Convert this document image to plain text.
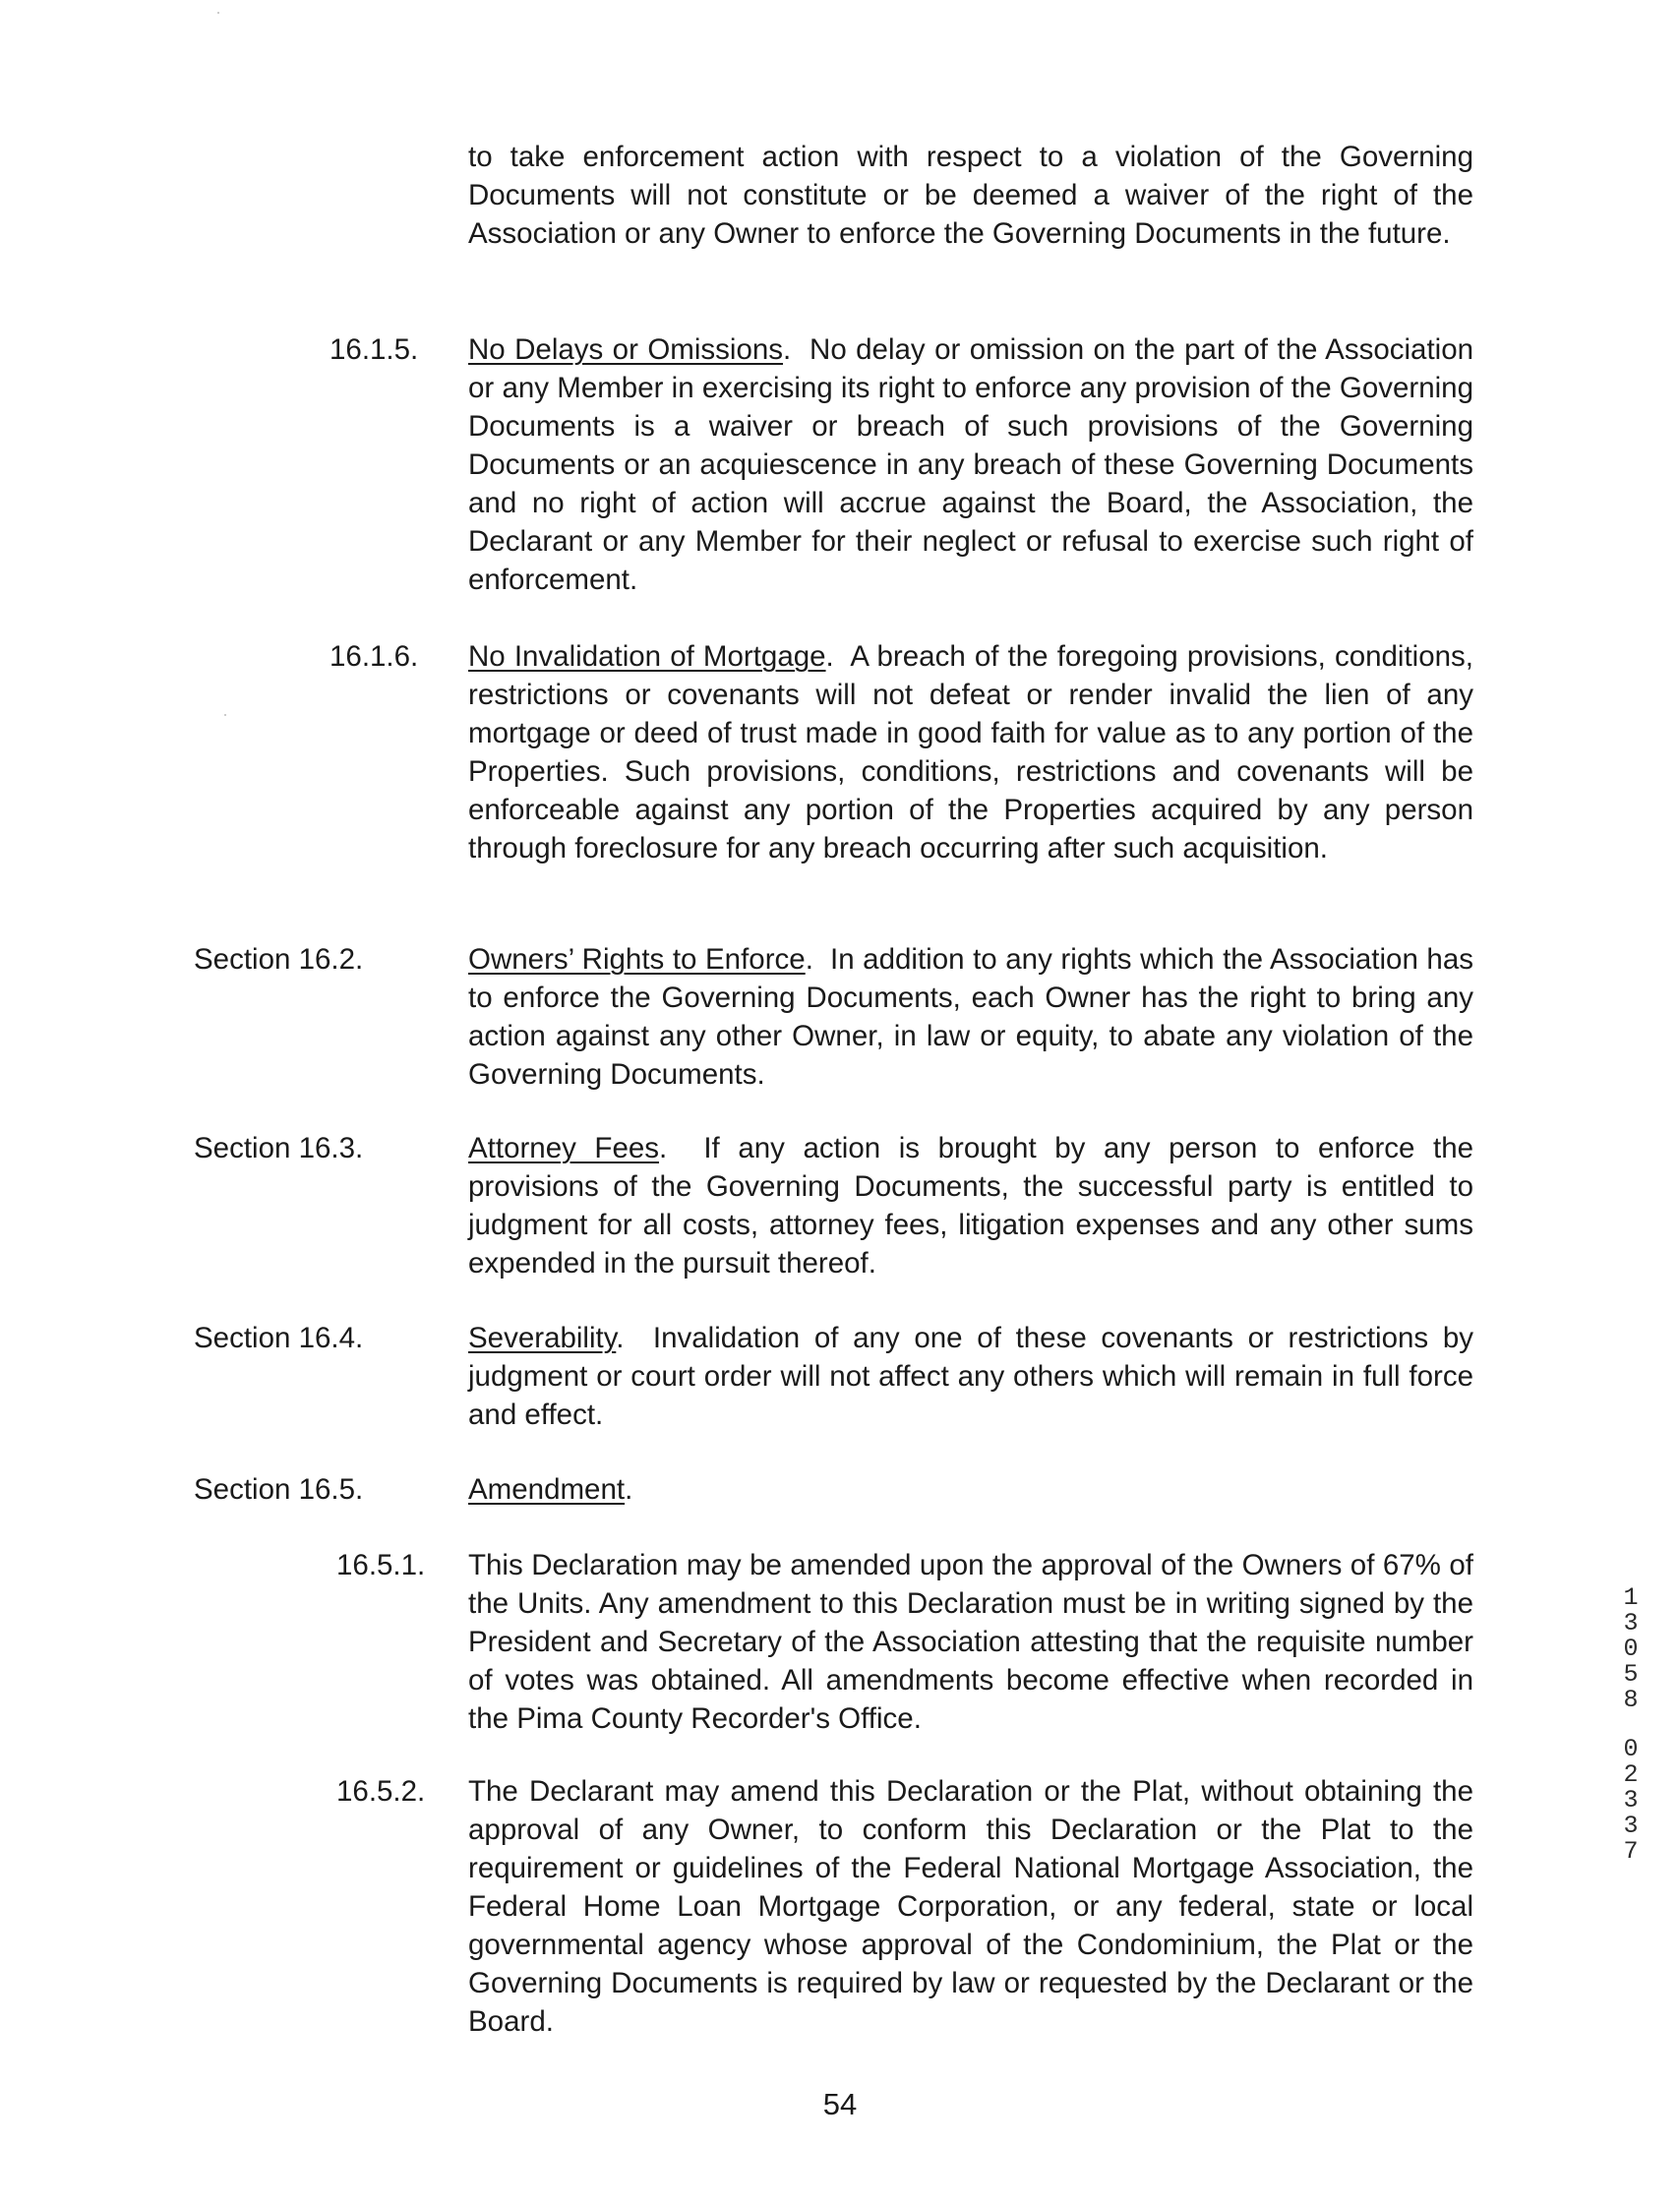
to take enforcement action with respect to a violation of the Governing Documents will not constitute or be deemed a waiver of the right of the Association or any Owner to enforce the Governing Documents in the future.

16.1.5. No Delays or Omissions.  No delay or omission on the part of the Association or any Member in exercising its right to enforce any provision of the Governing Documents is a waiver or breach of such provisions of the Governing Documents or an acquiescence in any breach of these Governing Documents and no right of action will accrue against the Board, the Association, the Declarant or any Member for their neglect or refusal to exercise such right of enforcement.

16.1.6. No Invalidation of Mortgage.  A breach of the foregoing provisions, conditions, restrictions or covenants will not defeat or render invalid the lien of any mortgage or deed of trust made in good faith for value as to any portion of the Properties. Such provisions, conditions, restrictions and covenants will be enforceable against any portion of the Properties acquired by any person through foreclosure for any breach occurring after such acquisition.

Section 16.2.	Owners’ Rights to Enforce.  In addition to any rights which the Association has to enforce the Governing Documents, each Owner has the right to bring any action against any other Owner, in law or equity, to abate any violation of the Governing Documents.

Section 16.3.	Attorney Fees.  If any action is brought by any person to enforce the provisions of the Governing Documents, the successful party is entitled to judgment for all costs, attorney fees, litigation expenses and any other sums expended in the pursuit thereof.

Section 16.4.	Severability.  Invalidation of any one of these covenants or restrictions by judgment or court order will not affect any others which will remain in full force and effect.

Section 16.5.	Amendment.

16.5.1. This Declaration may be amended upon the approval of the Owners of 67% of the Units. Any amendment to this Declaration must be in writing signed by the President and Secretary of the Association attesting that the requisite number of votes was obtained. All amendments become effective when recorded in the Pima County Recorder's Office.

16.5.2. The Declarant may amend this Declaration or the Plat, without obtaining the approval of any Owner, to conform this Declaration or the Plat to the requirement or guidelines of the Federal National Mortgage Association, the Federal Home Loan Mortgage Corporation, or any federal, state or local governmental agency whose approval of the Condominium, the Plat or the Governing Documents is required by law or requested by the Declarant or the Board.

54
1
3
0
5
8
0
2
3
3
7
